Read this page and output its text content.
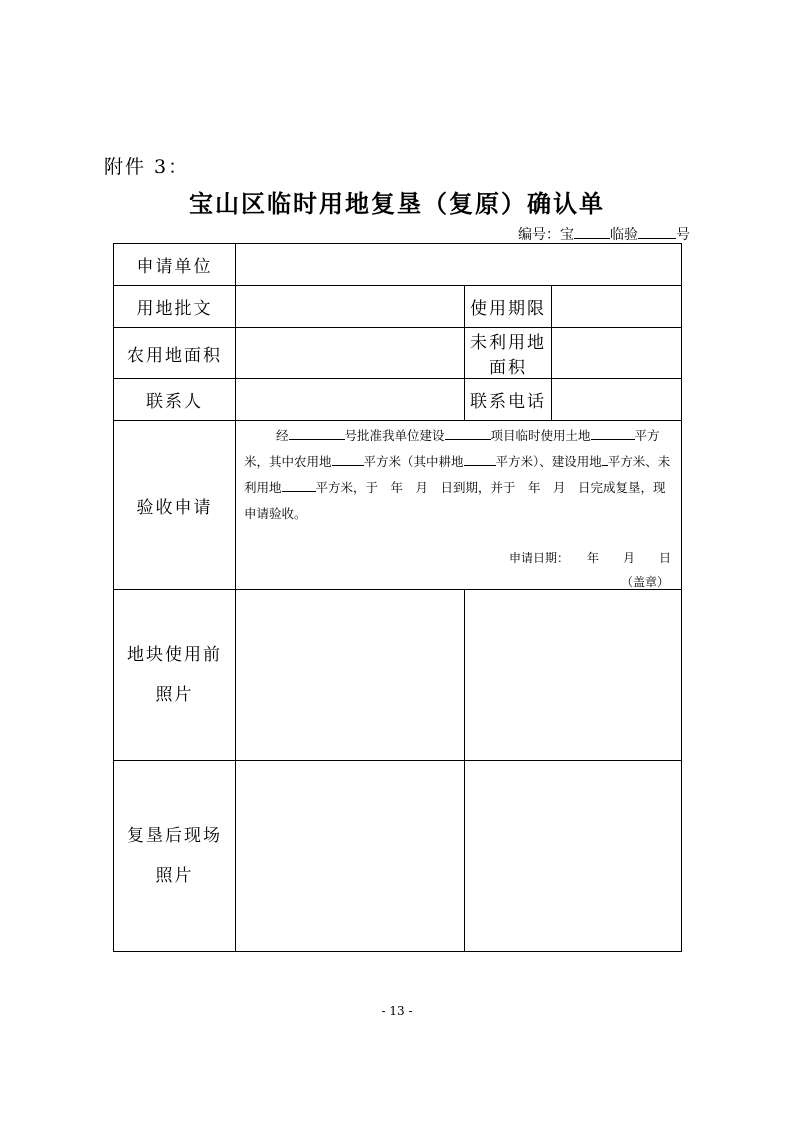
附件 3：
宝山区临时用地复垦（复原）确认单
编号：宝	临验	号
申请单位			
用地批文		使用期限	
农用地面积		未利用地面积	
联系人		联系电话	
验收申请	经 号批准我单位建设 项目临时使用土地 平方米，其中农用地 平方米（其中耕地 平方米）、建设用地 平方米、未利用地 平方米，于　年　月　日到期，并于　年　月　日完成复垦，现申请验收。
申请日期：　　年　　月　　日
（盖章）		

地块使用前
照片			

复垦后现场
照片			

- 13 -
